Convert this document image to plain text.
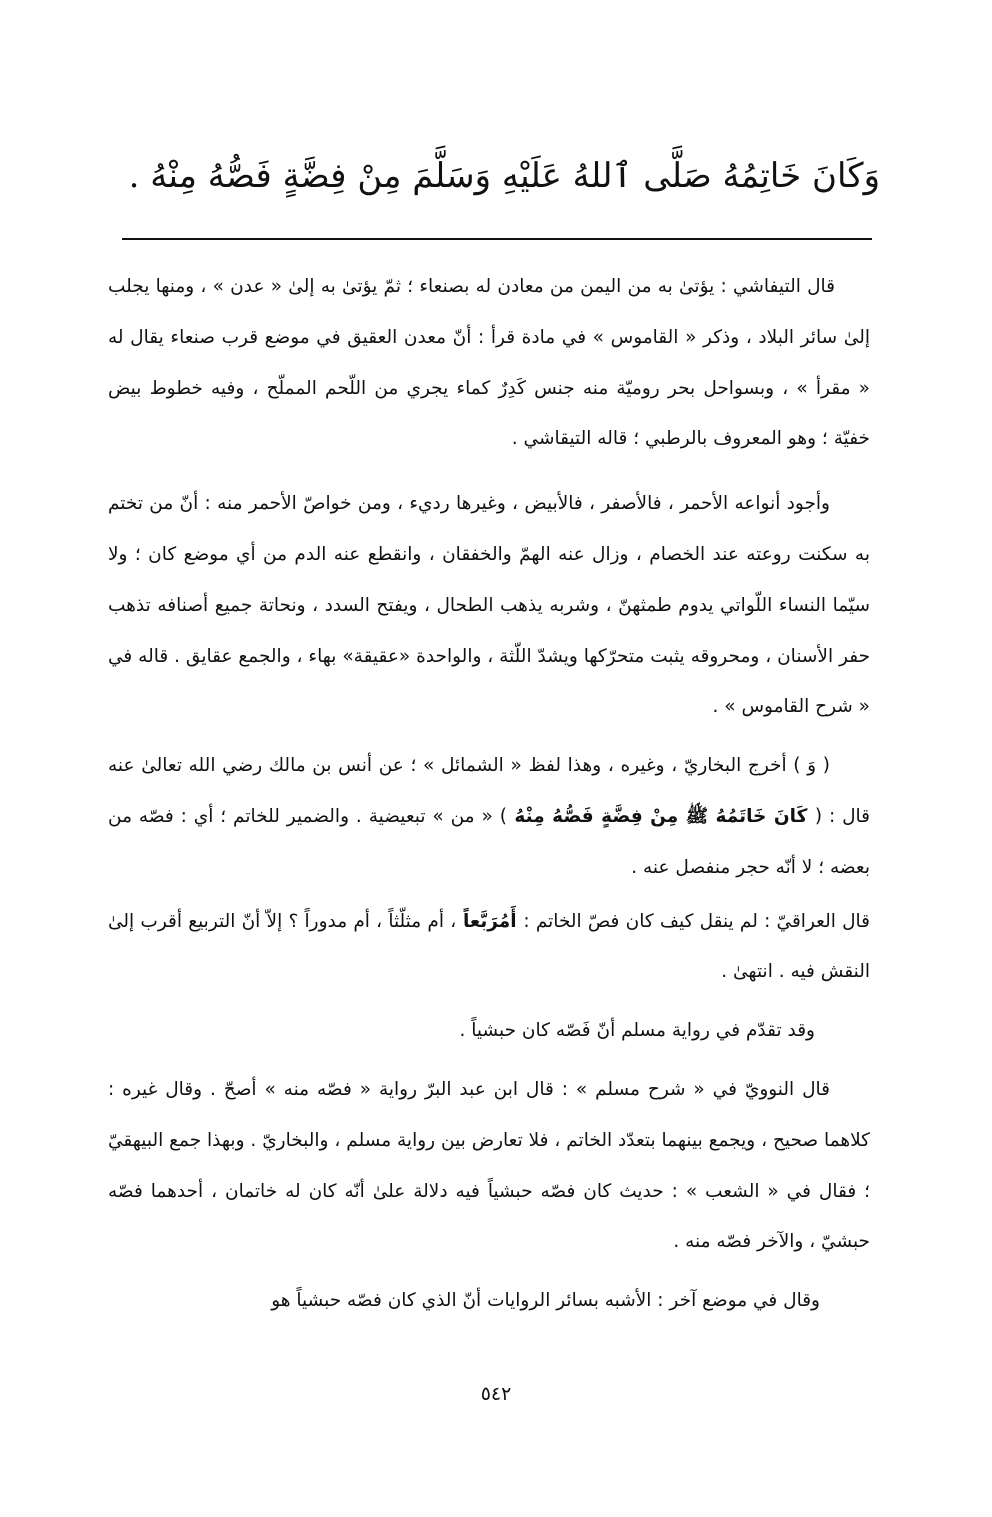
وَكَانَ خَاتِمُهُ صَلَّى ٱللهُ عَلَيْهِ وَسَلَّمَ مِنْ فِضَّةٍ فَصُّهُ مِنْهُ .

قال التيفاشي : يؤتىٰ به من اليمن من معادن له بصنعاء ؛ ثمّ يؤتىٰ به إلىٰ « عدن » ، ومنها يجلب إلىٰ سائر البلاد ، وذكر « القاموس » في مادة قرأ : أنّ معدن العقيق في موضع قرب صنعاء يقال له « مقرأ » ، وبسواحل بحر روميّة منه جنس كَدِرٌ كماء يجري من اللّحم المملّح ، وفيه خطوط بيض خفيّة ؛ وهو المعروف بالرطبي ؛ قاله التيقاشي .

وأجود أنواعه الأحمر ، فالأصفر ، فالأبيض ، وغيرها رديء ، ومن خواصّ الأحمر منه : أنّ من تختم به سكنت روعته عند الخصام ، وزال عنه الهمّ والخفقان ، وانقطع عنه الدم من أي موضع كان ؛ ولا سيّما النساء اللّواتي يدوم طمثهنّ ، وشربه يذهب الطحال ، ويفتح السدد ، ونحاتة جميع أصنافه تذهب حفر الأسنان ، ومحروقه يثبت متحرّكها ويشدّ اللّثة ، والواحدة «عقيقة» بهاء ، والجمع عقايق . قاله في « شرح القاموس » .

( وَ ) أخرج البخاريّ ، وغيره ، وهذا لفظ « الشمائل » ؛ عن أنس بن مالك رضي الله تعالىٰ عنه قال : ( كَانَ خَاتَمُهُ ﷺ مِنْ فِضَّةٍ فَصُّهُ مِنْهُ ) « من » تبعيضية . والضمير للخاتم ؛ أي : فصّه من بعضه ؛ لا أنّه حجر منفصل عنه .

قال العراقيّ : لم ينقل كيف كان فصّ الخاتم : أَمُرَبَّعاً ، أم مثلّثاً ، أم مدوراً ؟ إلاّ أنّ التربيع أقرب إلىٰ النقش فيه . انتهىٰ .

وقد تقدّم في رواية مسلم أنّ فَصّه كان حبشياً .

قال النوويّ في « شرح مسلم » : قال ابن عبد البرّ رواية « فصّه منه » أصحّ . وقال غيره : كلاهما صحيح ، ويجمع بينهما بتعدّد الخاتم ، فلا تعارض بين رواية مسلم ، والبخاريّ . وبهذا جمع البيهقيّ ؛ فقال في « الشعب » : حديث كان فصّه حبشياً فيه دلالة علىٰ أنّه كان له خاتمان ، أحدهما فصّه حبشيّ ، والآخر فصّه منه .

وقال في موضع آخر : الأشبه بسائر الروايات أنّ الذي كان فصّه حبشياً هو

٥٤٢
